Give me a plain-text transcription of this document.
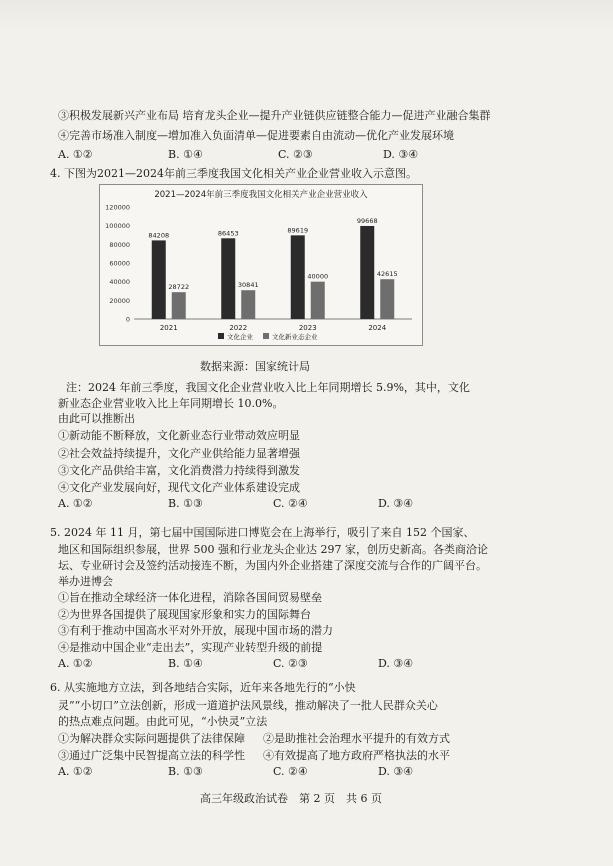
③积极发展新兴产业布局 培育龙头企业—提升产业链供应链整合能力—促进产业融合集群
④完善市场准入制度—增加准入负面清单—促进要素自由流动—优化产业发展环境
A. ①②	B. ①④	C. ②③	D. ③④
4. 下图为2021—2024年前三季度我国文化相关产业企业营业收入示意图。
2021—2024年前三季度我国文化相关产业企业营业收入
0
20000
40000
60000
80000
100000
120000
84208
28722
2021
86453
30841
2022
89619
40000
2023
99668
42615
2024
文化企业	文化新业态企业
数据来源：国家统计局
注：2024 年前三季度，我国文化企业营业收入比上年同期增长 5.9%，其中，文化
新业态企业营业收入比上年同期增长 10.0%。
由此可以推断出
①新动能不断释放，文化新业态行业带动效应明显
②社会效益持续提升，文化产业供给能力显著增强
③文化产品供给丰富，文化消费潜力持续得到激发
④文化产业发展向好，现代文化产业体系建设完成
A. ①②	B. ①③	C. ②④	D. ③④
5. 2024 年 11 月，第七届中国国际进口博览会在上海举行，吸引了来自 152 个国家、
地区和国际组织参展，世界 500 强和行业龙头企业达 297 家，创历史新高。各类商洽论
坛、专业研讨会及签约活动接连不断，为国内外企业搭建了深度交流与合作的广阔平台。
举办进博会
①旨在推动全球经济一体化进程，消除各国间贸易壁垒
②为世界各国提供了展现国家形象和实力的国际舞台
③有利于推动中国高水平对外开放，展现中国市场的潜力
④是推动中国企业“走出去”，实现产业转型升级的前提
A. ①②	B. ①④	C. ②③	D. ③④
6. 从实施地方立法，到各地结合实际，近年来各地先行的“小快
灵”“小切口”立法创新，形成一道道护法风景线，推动解决了一批人民群众关心
的热点难点问题。由此可见，“小快灵”立法
①为解决群众实际问题提供了法律保障 ②是助推社会治理水平提升的有效方式
③通过广泛集中民智提高立法的科学性 ④有效提高了地方政府严格执法的水平
A. ①②	B. ①③	C. ②④	D. ③④
高三年级政治试卷　第 2 页　共 6 页
